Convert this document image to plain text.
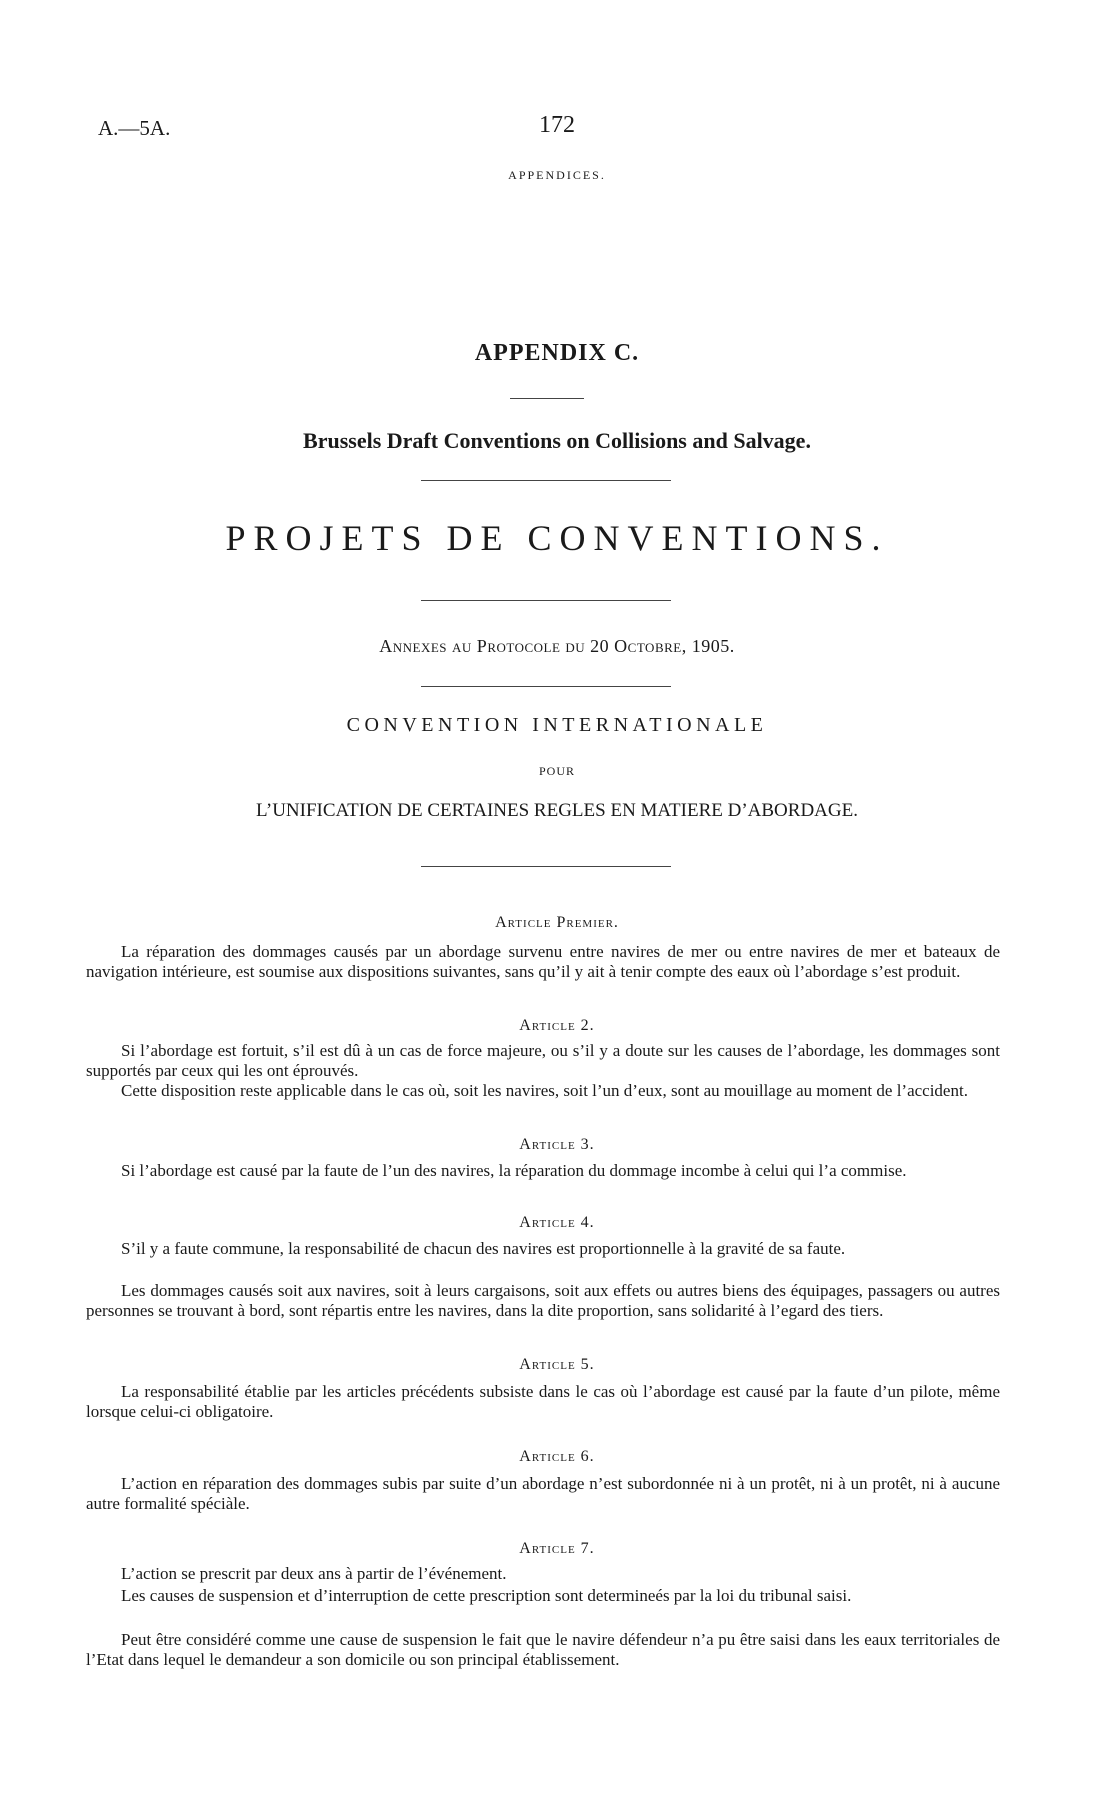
A.—5A.	172
APPENDICES.
APPENDIX C.
Brussels Draft Conventions on Collisions and Salvage.
PROJETS DE CONVENTIONS.
Annexes au Protocole du 20 Octobre, 1905.
CONVENTION INTERNATIONALE
POUR
L’UNIFICATION DE CERTAINES REGLES EN MATIERE D’ABORDAGE.
Article Premier.

La réparation des dommages causés par un abordage survenu entre navires de mer ou entre navires de mer et bateaux de navigation intérieure, est soumise aux dispositions suivantes, sans qu’il y ait à tenir compte des eaux où l’abordage s’est produit.

Article 2.

Si l’abordage est fortuit, s’il est dû à un cas de force majeure, ou s’il y a doute sur les causes de l’abordage, les dommages sont supportés par ceux qui les ont éprouvés.

Cette disposition reste applicable dans le cas où, soit les navires, soit l’un d’eux, sont au mouillage au moment de l’accident.

Article 3.

Si l’abordage est causé par la faute de l’un des navires, la réparation du dommage incombe à celui qui l’a commise.

Article 4.

S’il y a faute commune, la responsabilité de chacun des navires est proportionnelle à la gravité de sa faute.

Les dommages causés soit aux navires, soit à leurs cargaisons, soit aux effets ou autres biens des équipages, passagers ou autres personnes se trouvant à bord, sont répartis entre les navires, dans la dite proportion, sans solidarité à l’egard des tiers.

Article 5.

La responsabilité établie par les articles précédents subsiste dans le cas où l’abordage est causé par la faute d’un pilote, même lorsque celui-ci obligatoire.

Article 6.

L’action en réparation des dommages subis par suite d’un abordage n’est subordonnée ni à un protêt, ni à un protêt, ni à aucune autre formalité spéciàle.

Article 7.

L’action se prescrit par deux ans à partir de l’événement.

Les causes de suspension et d’interruption de cette prescription sont determineés par la loi du tribunal saisi.

Peut être considéré comme une cause de suspension le fait que le navire défendeur n’a pu être saisi dans les eaux territoriales de l’Etat dans lequel le demandeur a son domicile ou son principal établissement.
